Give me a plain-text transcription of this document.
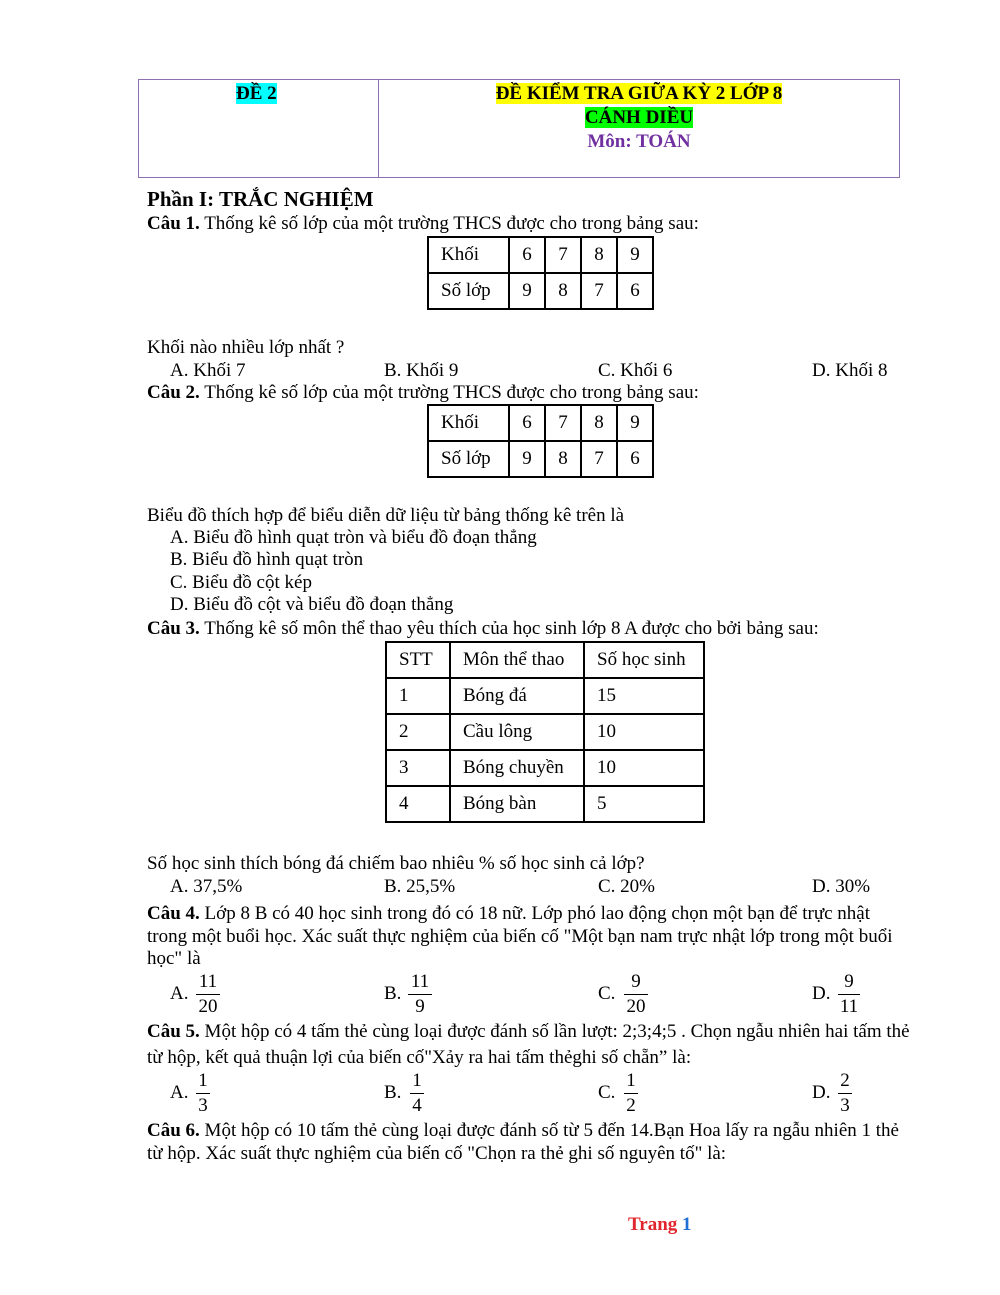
ĐỀ 2	ĐỀ KIỂM TRA GIỮA KỲ 2 LỚP 8
CÁNH DIỀU
Môn: TOÁN
Phần I: TRẮC NGHIỆM
Câu 1. Thống kê số lớp của một trường THCS được cho trong bảng sau:
Khối	6	7	8	9
Số lớp	9	8	7	6
Khối nào nhiều lớp nhất ?
A. Khối 7	B. Khối 9	C. Khối 6	D. Khối 8
Câu 2. Thống kê số lớp của một trường THCS được cho trong bảng sau:
Khối	6	7	8	9
Số lớp	9	8	7	6
Biểu đồ thích hợp để biểu diễn dữ liệu từ bảng thống kê trên là
A. Biểu đồ hình quạt tròn và biểu đồ đoạn thẳng
B. Biểu đồ hình quạt tròn
C. Biểu đồ cột kép
D. Biểu đồ cột và biểu đồ đoạn thẳng
Câu 3. Thống kê số môn thể thao yêu thích của học sinh lớp 8 A được cho bởi bảng sau:
STT	Môn thể thao	Số học sinh
1	Bóng đá	15
2	Cầu lông	10
3	Bóng chuyền	10
4	Bóng bàn	5
Số học sinh thích bóng đá chiếm bao nhiêu % số học sinh cả lớp?
A. 37,5%	B. 25,5%	C. 20%	D. 30%
Câu 4. Lớp 8 B có 40 học sinh trong đó có 18 nữ. Lớp phó lao động chọn một bạn để trực nhật
trong một buổi học. Xác suất thực nghiệm của biến cố "Một bạn nam trực nhật lớp trong một buổi
học" là
A.
11
20
B.
11
9
C.
9
20
D.
9
11
Câu 5. Một hộp có 4 tấm thẻ cùng loại được đánh số lần lượt: 2;3;4;5 . Chọn ngẫu nhiên hai tấm thẻ
từ hộp, kết quả thuận lợi của biến cố"Xảy ra hai tấm thẻghi số chẵn” là:
A.
1
3
B.
1
4
C.
1
2
D.
2
3
Câu 6. Một hộp có 10 tấm thẻ cùng loại được đánh số từ 5 đến 14.Bạn Hoa lấy ra ngẫu nhiên 1 thẻ
từ hộp. Xác suất thực nghiệm của biến cố "Chọn ra thẻ ghi số nguyên tố" là:
Trang 1
